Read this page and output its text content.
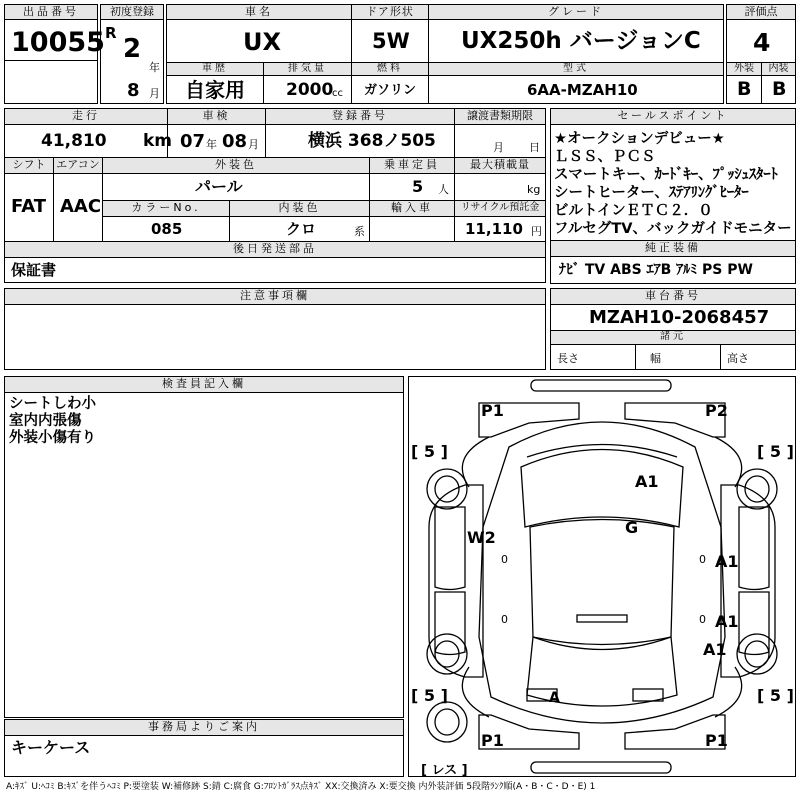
出品番号
10055
初度登録
R
2
年
8 月
車名
UX
ドア形状
5W
グレード
UX250h バージョンC
評価点
4
車歴
自家用
排気量
2000
cc
燃料
ガソリン
型式
6AA-MZAH10
外装
B
内装
B
走行
41,810 km
車検
07 年 08 月
登録番号
横浜 368ノ505
譲渡書類期限
月 日
シフト
FAT
エアコン
AAC
外装色
パール
乗車定員
5 人
最大積載量
kg
カラーNo.
085
内装色
クロ	系
輸入車	リサイクル預託金
11,110 円
後日発送部品
保証書
セールスポイント
★オークションデビュー★
ＬＳＳ、ＰＣＳ
スマートキー、ｶｰﾄﾞｷｰ、ﾌﾟｯｼｭｽﾀｰﾄ
シートヒーター、ｽﾃｱﾘﾝｸﾞﾋｰﾀｰ
ビルトインＥＴＣ２．０
フルセグTV、バックガイドモニター
純正装備
ﾅﾋﾞ TV ABS ｴｱB ｱﾙﾐ PS PW
注意事項欄	車台番号
MZAH10-2068457
諸元
長さ	幅	高さ
検査員記入欄
シートしわ小
室内内張傷
外装小傷有り
事務局よりご案内
キーケース
P1	P2
A1
G
W2
A1
A1
A1
A
P1	P1
0
0
0
0
[ 5 ]	[ 5 ]
[ 5 ]	[ 5 ]
[ レス ]
A:ｷｽﾞ U:ﾍｺﾐ B:ｷｽﾞを伴うﾍｺﾐ P:要塗装 W:補修跡 S:錆 C:腐食 G:ﾌﾛﾝﾄｶﾞﾗｽ点ｷｽﾞ XX:交換済み X:要交換 内外装評価 5段階ﾗﾝｸ順(A・B・C・D・E) 1
